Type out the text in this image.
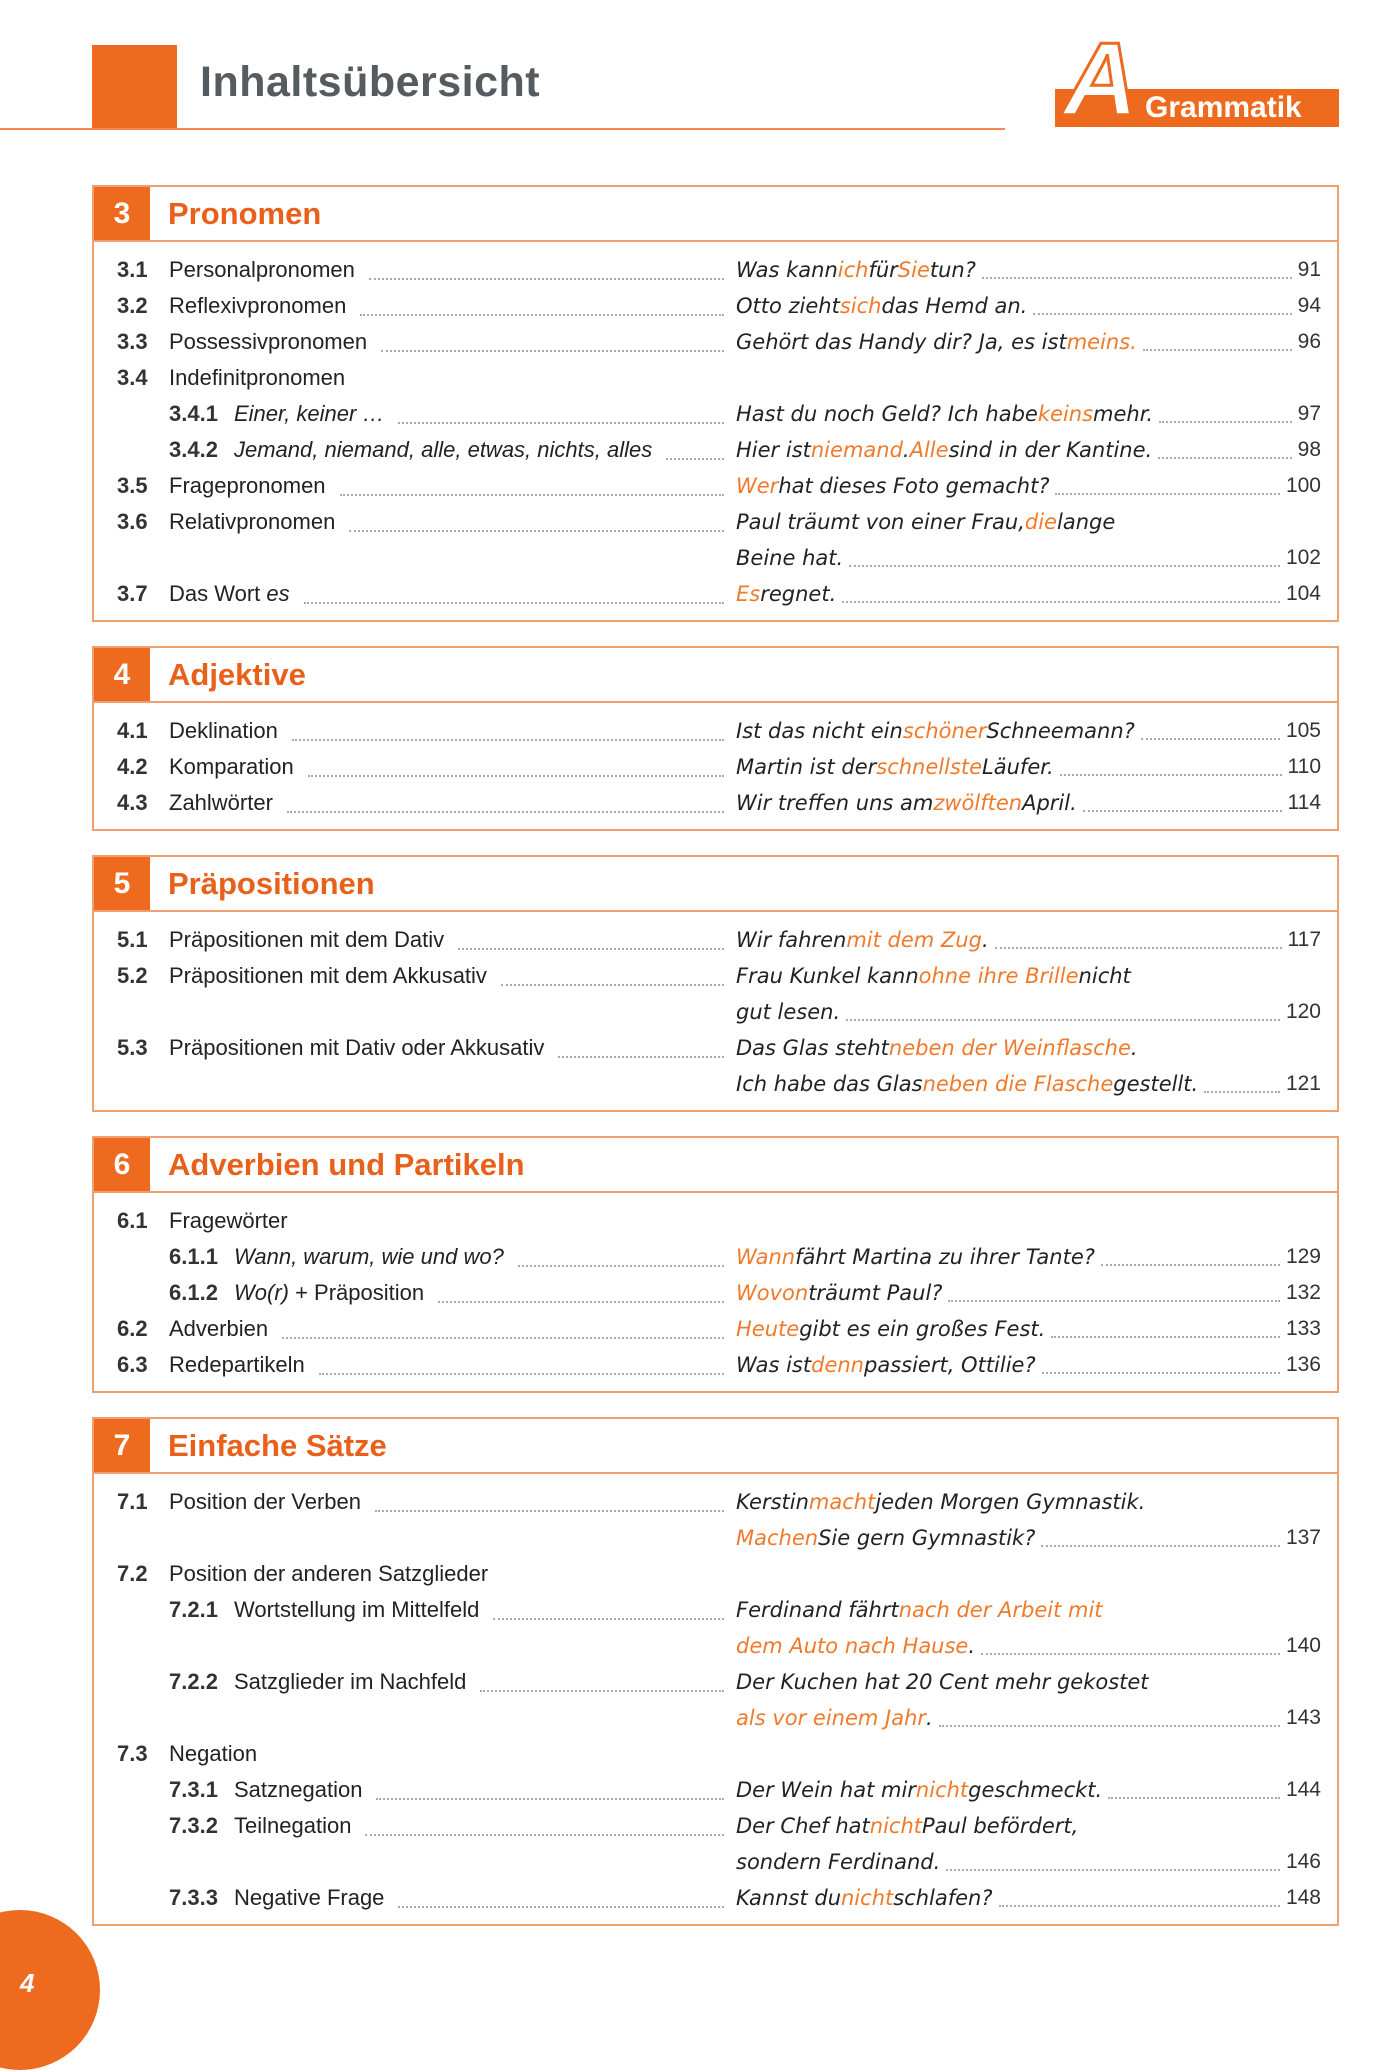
Inhaltsübersicht	A Grammatik
3	Pronomen
3.1 Personalpronomen	Was kann ich für Sie tun?	91
3.2 Reflexivpronomen	Otto zieht sich das Hemd an.	94
3.3 Possessivpronomen	Gehört das Handy dir? Ja, es ist meins.	96
3.4 Indefinitpronomen
3.4.1 Einer, keiner …	Hast du noch Geld? Ich habe keins mehr.	97
3.4.2 Jemand, niemand, alle, etwas, nichts, alles	Hier ist niemand . Alle sind in der Kantine.	98
3.5 Fragepronomen	Wer hat dieses Foto gemacht?	100
3.6 Relativpronomen	Paul träumt von einer Frau, die lange
Beine hat.	102
3.7 Das Wort es	Es regnet.	104
4	Adjektive
4.1 Deklination	Ist das nicht ein schöner Schneemann?	105
4.2 Komparation	Martin ist der schnellste Läufer.	110
4.3 Zahlwörter	Wir treffen uns am zwölften April.	114
5	Präpositionen
5.1 Präpositionen mit dem Dativ	Wir fahren mit dem Zug .	117
5.2 Präpositionen mit dem Akkusativ	Frau Kunkel kann ohne ihre Brille nicht
gut lesen.	120
5.3 Präpositionen mit Dativ oder Akkusativ	Das Glas steht neben der Weinflasche .
Ich habe das Glas neben die Flasche gestellt.	121
6	Adverbien und Partikeln
6.1 Fragewörter
6.1.1 Wann, warum, wie und wo?	Wann fährt Martina zu ihrer Tante?	129
6.1.2 Wo(r) + Präposition	Wovon träumt Paul?	132
6.2 Adverbien	Heute gibt es ein großes Fest.	133
6.3 Redepartikeln	Was ist denn passiert, Ottilie?	136
7	Einfache Sätze
7.1 Position der Verben	Kerstin macht jeden Morgen Gymnastik.
Machen Sie gern Gymnastik?	137
7.2 Position der anderen Satzglieder
7.2.1 Wortstellung im Mittelfeld	Ferdinand fährt nach der Arbeit mit
dem Auto nach Hause .	140
7.2.2 Satzglieder im Nachfeld	Der Kuchen hat 20 Cent mehr gekostet
als vor einem Jahr .	143
7.3 Negation
7.3.1 Satznegation	Der Wein hat mir nicht geschmeckt.	144
7.3.2 Teilnegation	Der Chef hat nicht Paul befördert,
sondern Ferdinand.	146
7.3.3 Negative Frage	Kannst du nicht schlafen?	148
4
